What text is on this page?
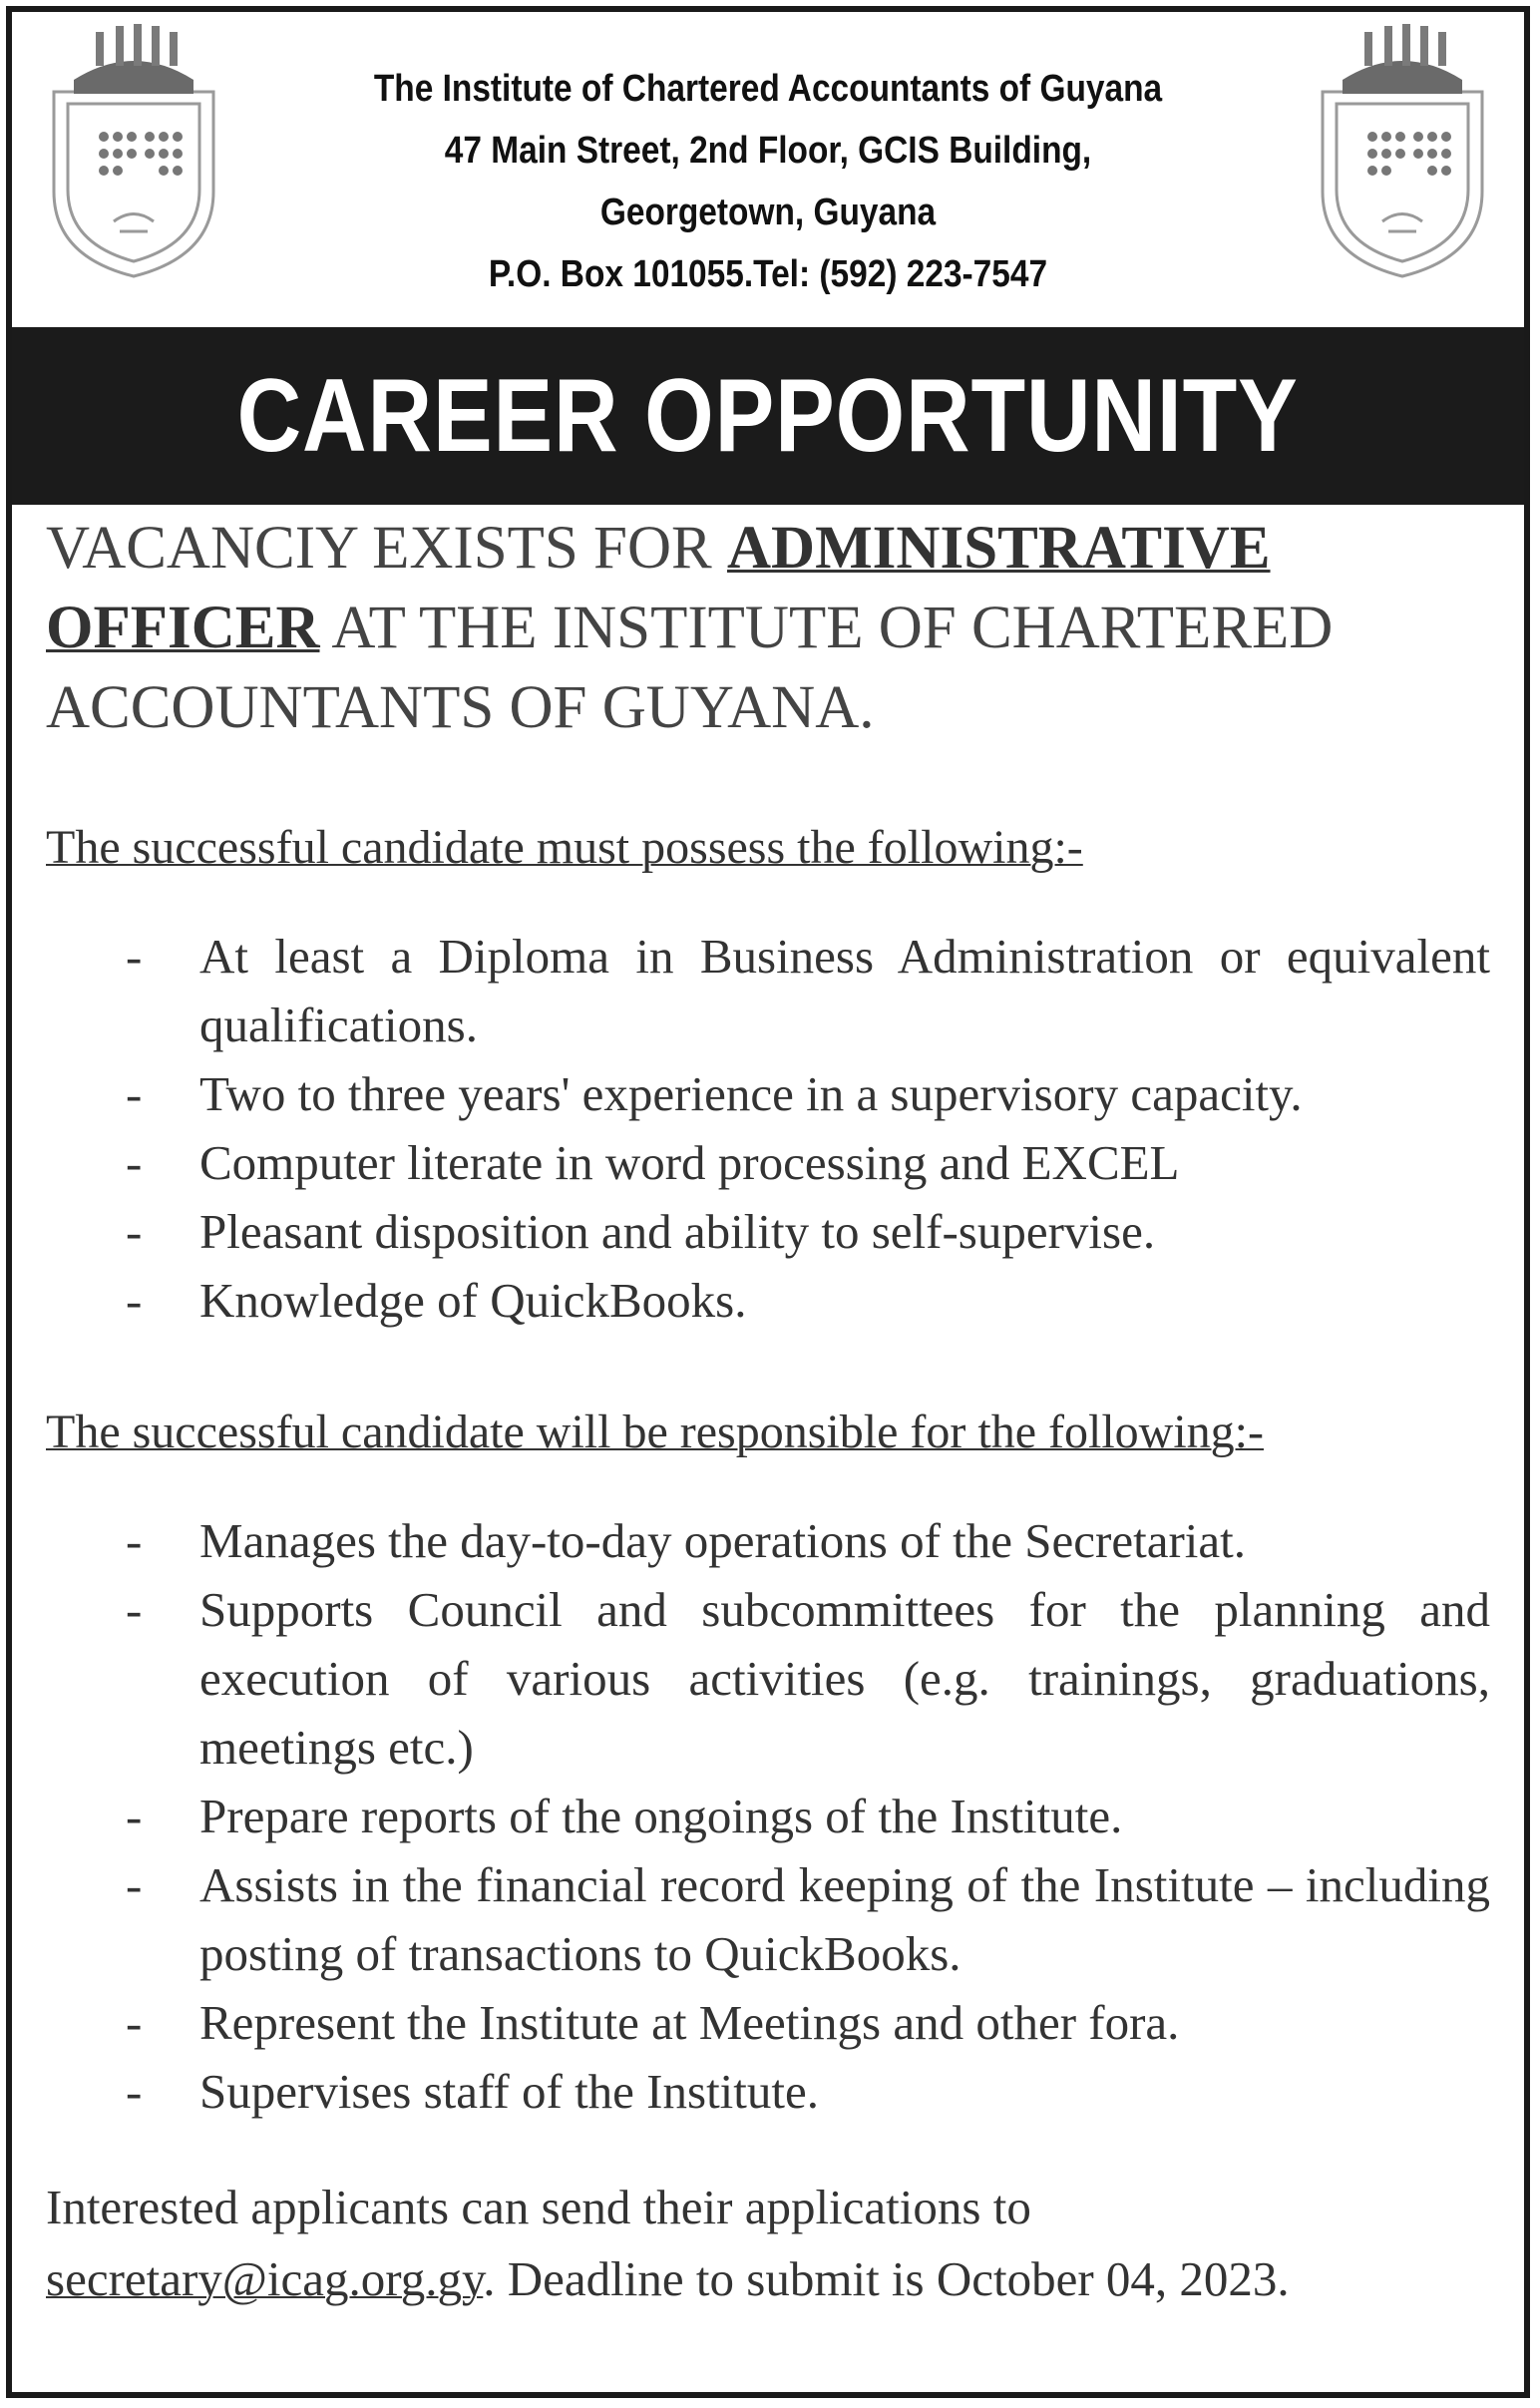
The Institute of Chartered Accountants of Guyana
47 Main Street, 2nd Floor, GCIS Building,
Georgetown, Guyana
P.O. Box 101055.Tel: (592) 223-7547
CAREER OPPORTUNITY
VACANCIY EXISTS FOR ADMINISTRATIVE OFFICER AT THE INSTITUTE OF CHARTERED ACCOUNTANTS OF GUYANA.
The successful candidate must possess the following:-
- At least a Diploma in Business Administration or equivalent qualifications.
- Two to three years' experience in a supervisory capacity.
- Computer literate in word processing and EXCEL
- Pleasant disposition and ability to self-supervise.
- Knowledge of QuickBooks.
The successful candidate will be responsible for the following:-
- Manages the day-to-day operations of the Secretariat.
- Supports Council and subcommittees for the planning and execution of various activities (e.g. trainings, graduations, meetings etc.)
- Prepare reports of the ongoings of the Institute.
- Assists in the financial record keeping of the Institute – including posting of transactions to QuickBooks.
- Represent the Institute at Meetings and other fora.
- Supervises staff of the Institute.
Interested applicants can send their applications to
secretary@icag.org.gy. Deadline to submit is October 04, 2023.
